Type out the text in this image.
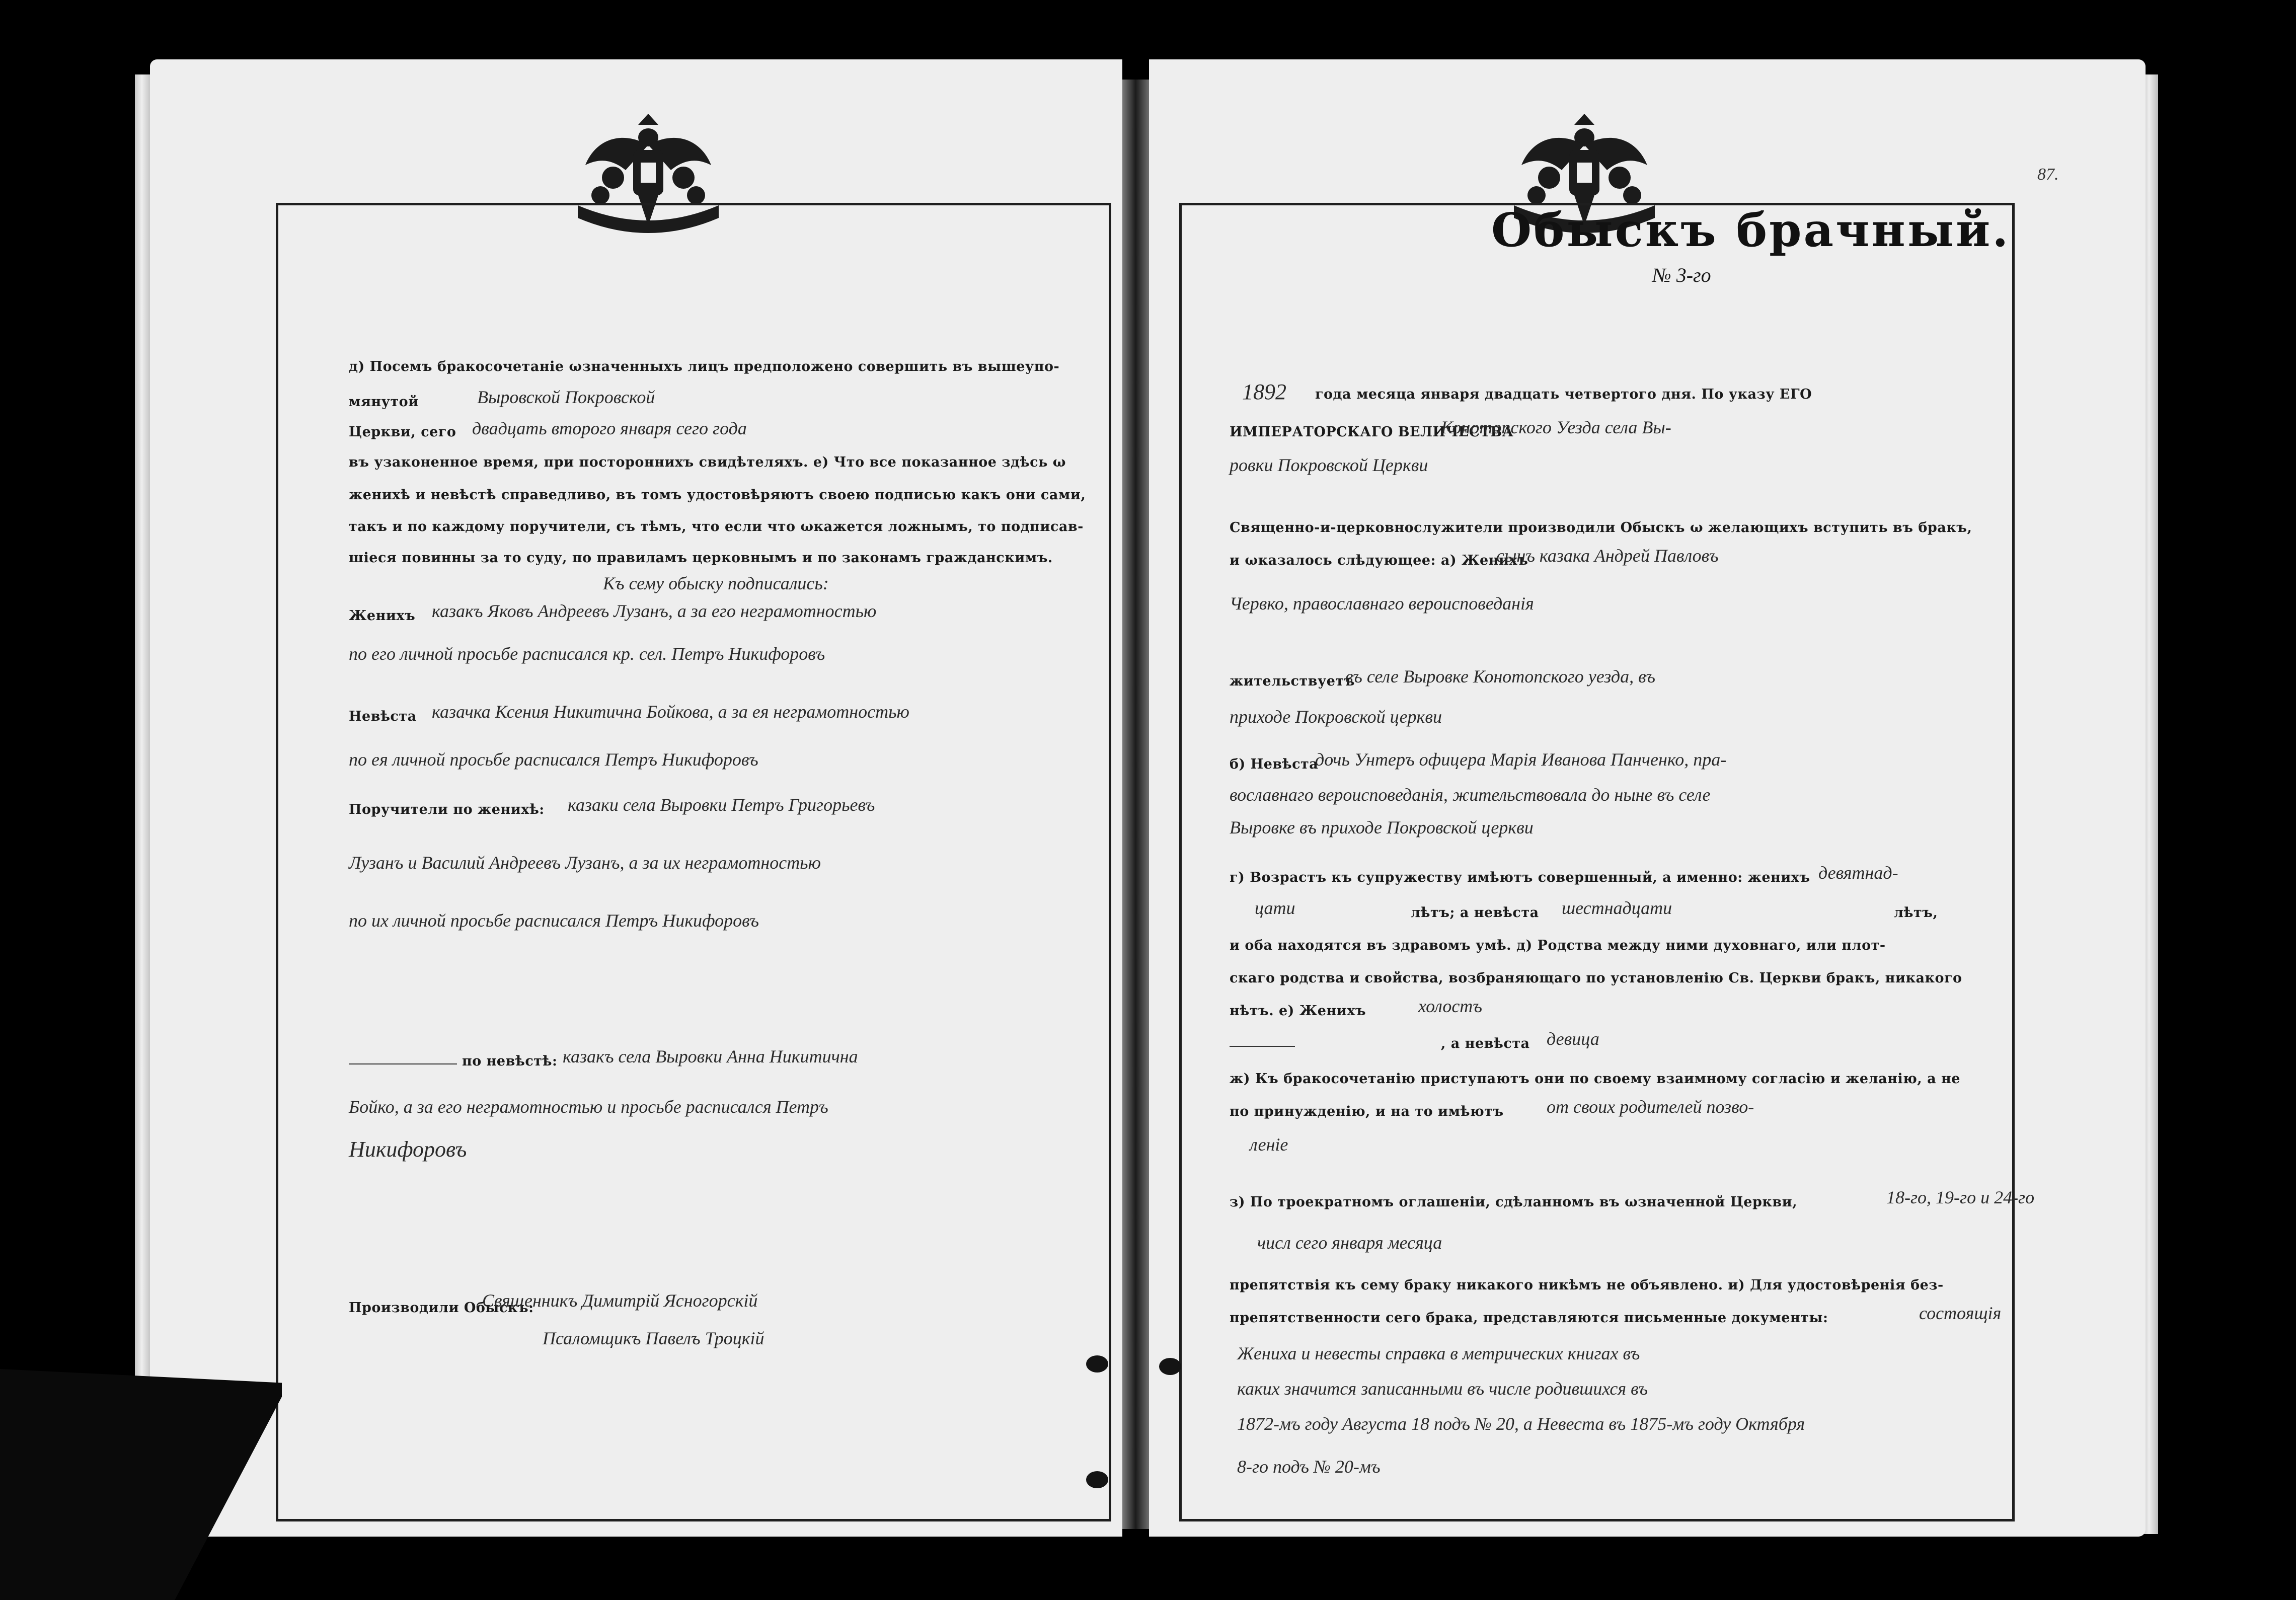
д) Посемъ бракосочетанiе ωзначенныхъ лицъ предположено совершить въ вышеупо-
мянутой	Выровской Покровской
Церкви, сего двадцать второго января сего года
въ узаконенное время, при постороннихъ свидѣтеляхъ. е) Что все показанное здѣсь ω
женихѣ и невѣстѣ справедливо, въ томъ удостовѣряютъ своею подписью какъ они сами,
такъ и по каждому поручители, съ тѣмъ, что если что ωкажется ложнымъ, то подписав-
шiеся повинны за то суду, по правиламъ церковнымъ и по законамъ гражданскимъ.
Къ сему обыску подписались:
Женихъ казакъ Яковъ Андреевъ Лузанъ, а за его неграмотностью
по его личной просьбе расписался кр. сел. Петръ Никифоровъ
Невѣста казачка Ксения Никитична Бойкова, а за ея неграмотностью
по ея личной просьбе расписался Петръ Никифоровъ
Поручители по женихѣ: казаки села Выровки Петръ Григорьевъ
Лузанъ и Василий Андреевъ Лузанъ, а за их неграмотностью
по их личной просьбе расписался Петръ Никифоровъ
по невѣстѣ: казакъ села Выровки Анна Никитична
Бойко, а за его неграмотностью и просьбе расписался Петръ
Никифоровъ
Производили Обыскъ:
Священникъ Димитрiй Ясногорскiй
Псаломщикъ Павелъ Троцкiй
87.
Обыскъ брачный.
№ 3-го
1892 года месяца января двадцать четвертого дня. По указу ЕГО
ИМПЕРАТОРСКАГО ВЕЛИЧЕСТВА
Конотопского Уезда села Вы-
ровки Покровской Церкви
Священно-и-церковнослужители производили Обыскъ ω желающихъ вступить въ бракъ,
и ωказалось слѣдующее: а) Женихъ
сынъ казака Андрей Павловъ
Червко, православнаго вероисповеданiя
жительствуетъ
въ селе Выровке Конотопского уезда, въ
приходе Покровской церкви
б) Невѣста
дочь Унтеръ офицера Марiя Иванова Панченко, пра-
вославнаго вероисповеданiя, жительствовала до ныне въ селе
Выровке въ приходе Покровской церкви
г) Возрастъ къ супружеству имѣютъ совершенный, а именно: женихъ девятнад-
цати	лѣтъ; а невѣста шестнадцати	лѣтъ,
и оба находятся въ здравомъ умѣ. д) Родства между ними духовнаго, или плот-
скаго родства и свойства, возбраняющаго по установленiю Св. Церкви бракъ, никакого
нѣтъ. е) Женихъ	холостъ
, а невѣста девица
ж) Къ бракосочетанiю приступаютъ они по своему взаимному согласiю и желанiю, а не
по принужденiю, и на то имѣютъ от своих родителей позво-
ленiе
з) По троекратномъ оглашенiи, сдѣланномъ въ ωзначенной Церкви,	18-го, 19-го и 24-го
числ сего января месяца
препятствiя къ сему браку никакого никѣмъ не объявлено. и) Для удостовѣренiя без-
препятственности сего брака, представляются письменные документы:	состоящiя
Жениха и невесты справка в метрических книгах въ
каких значится записанными въ числе родившихся въ
1872-мъ году Августа 18 подъ № 20, а Невеста въ 1875-мъ году Октября
8-го подъ № 20-мъ
